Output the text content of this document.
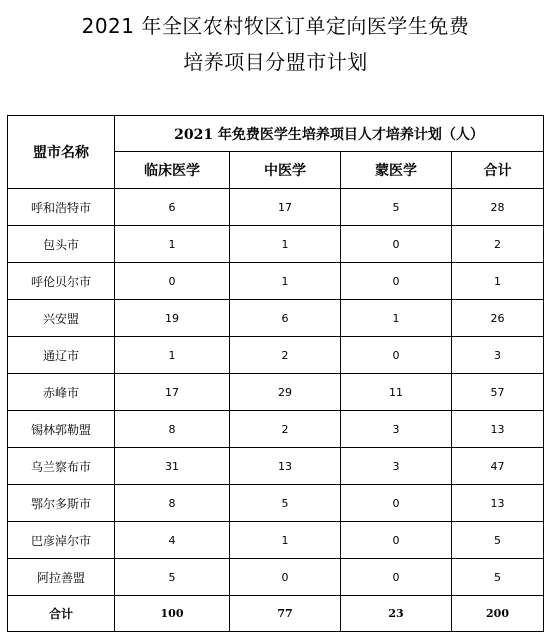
2021 年全区农村牧区订单定向医学生免费
培养项目分盟市计划
盟市名称	2021 年免费医学生培养项目人才培养计划（人）			
	临床医学	中医学	蒙医学	合计
呼和浩特市	6	17	5	28
包头市	1	1	0	2
呼伦贝尔市	0	1	0	1
兴安盟	19	6	1	26
通辽市	1	2	0	3
赤峰市	17	29	11	57
锡林郭勒盟	8	2	3	13
乌兰察布市	31	13	3	47
鄂尔多斯市	8	5	0	13
巴彦淖尔市	4	1	0	5
阿拉善盟	5	0	0	5
合计	100	77	23	200
